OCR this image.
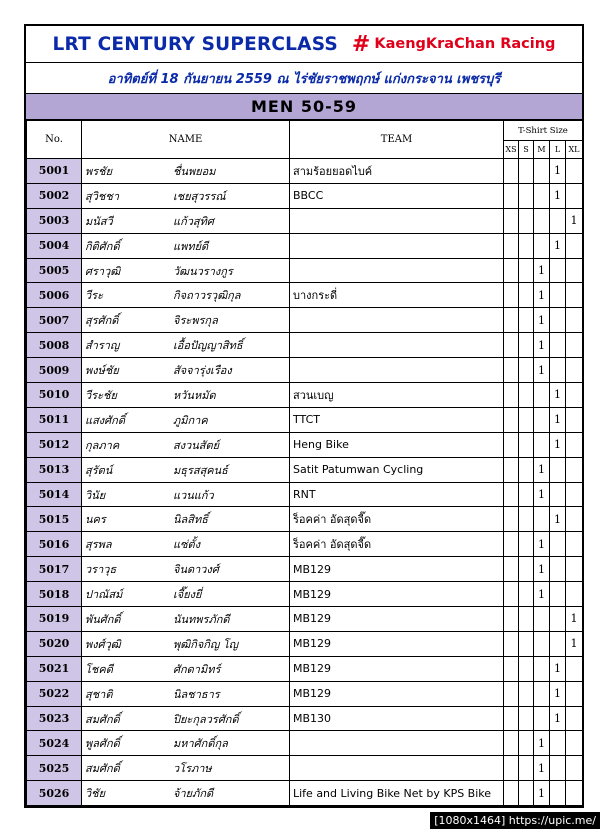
LRT CENTURY SUPERCLASS # KaengKraChan Racing
อาทิตย์ที่ 18 กันยายน 2559 ณ ไร่ชัยราชพฤกษ์ แก่งกระจาน เพชรบุรี
MEN 50-59
No.	NAME	TEAM	T-Shirt Size				
			XS	S	M	L	XL
5001	พรชัย ชื่นพยอม	สามร้อยยอดไบค์				1	
5002	สุวิชชา เชยสุวรรณ์	BBCC				1	
5003	มนัสวี แก้วสุทิศ						1
5004	กิติศักดิ์ แพทย์ดี					1	
5005	ศราวุฒิ วัฒนวรางกูร				1		
5006	วีระ กิจถาวรวุฒิกุล	บางกระดี่			1		
5007	สุรศักดิ์ จิระพรกุล				1		
5008	สำราญ เอื้อปัญญาสิทธิ์				1		
5009	พงษ์ชัย สัจจารุ่งเรือง				1		
5010	วีระชัย หวันหมัด	สวนเบญ				1	
5011	แสงศักดิ์ ภูมิกาค	TTCT				1	
5012	กุลภาค สงวนสัตย์	Heng Bike				1	
5013	สุรัตน์ มธุรสสุคนธ์	Satit Patumwan Cycling			1		
5014	วินัย แวนแก้ว	RNT			1		
5015	นคร นิลสิทธิ์	ร็อคค่า อัดสุดจี๊ด				1	
5016	สุรพล แซ่ตั้ง	ร็อคค่า อัดสุดจี๊ด			1		
5017	วราวุธ จินดาวงศ์	MB129			1		
5018	ปาณัสม์ เจี๊ยงยี่	MB129			1		
5019	พันศักดิ์ นันทพรภักดี	MB129					1
5020	พงศ์วุฒิ พุฒิกิจกิญ โญ	MB129					1
5021	โชคดี ศักดามิทร์	MB129				1	
5022	สุชาติ นิลชาธาร	MB129				1	
5023	สมศักดิ์ ปิยะกุลวรศักดิ์	MB130				1	
5024	พูลศักดิ์ มหาศักดิ์กุล				1		
5025	สมศักดิ์ วโรภาษ				1		
5026	วิชัย จ้ายภักดี	Life and Living Bike Net by KPS Bike			1		
[1080x1464] https://upic.me/
